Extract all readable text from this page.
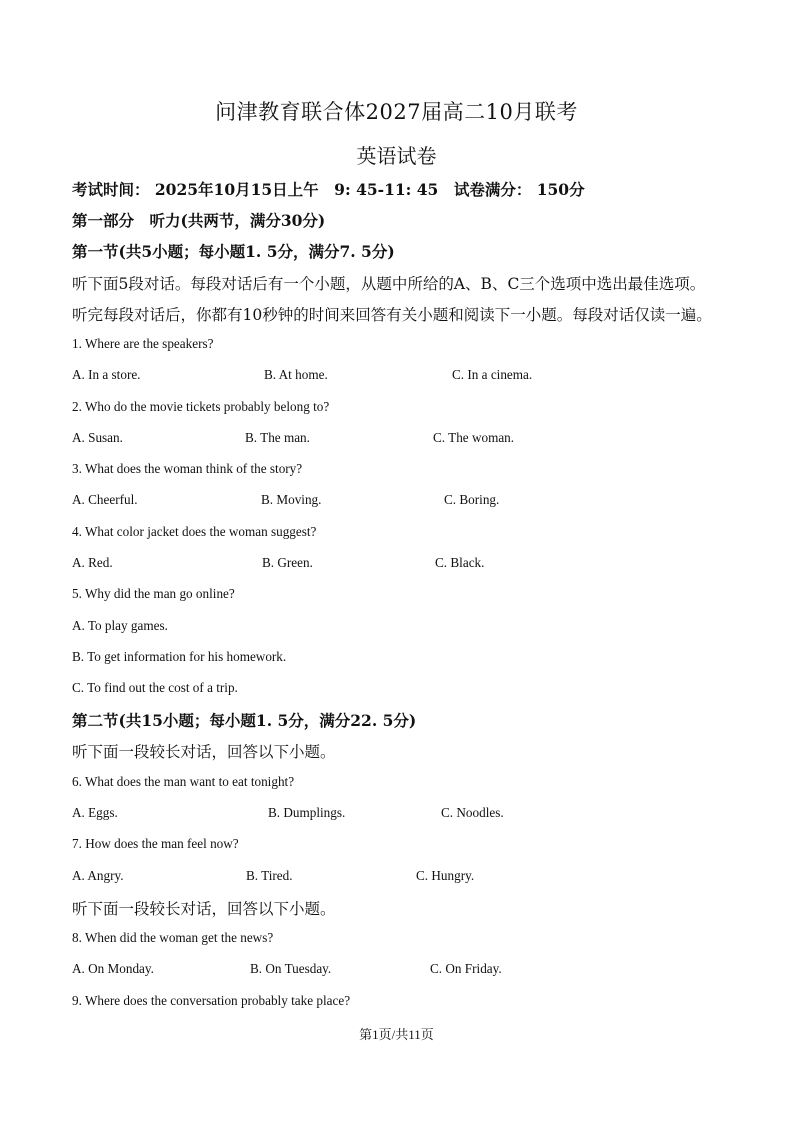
问津教育联合体2027届高二10月联考
英语试卷
考试时间： 2025年10月15日上午　9: 45-11: 45　试卷满分： 150分
第一部分　听力(共两节，满分30分)
第一节(共5小题；每小题1. 5分，满分7. 5分)
听下面5段对话。每段对话后有一个小题，从题中所给的A、B、C三个选项中选出最佳选项。
听完每段对话后，你都有10秒钟的时间来回答有关小题和阅读下一小题。每段对话仅读一遍。
1. Where are the speakers?
A. In a store.	B. At home.	C. In a cinema.
2. Who do the movie tickets probably belong to?
A. Susan.	B. The man.	C. The woman.
3. What does the woman think of the story?
A. Cheerful.	B. Moving.	C. Boring.
4. What color jacket does the woman suggest?
A. Red.	B. Green.	C. Black.
5. Why did the man go online?
A. To play games.
B. To get information for his homework.
C. To find out the cost of a trip.
第二节(共15小题；每小题1. 5分，满分22. 5分)
听下面一段较长对话，回答以下小题。
6. What does the man want to eat tonight?
A. Eggs.	B. Dumplings.	C. Noodles.
7. How does the man feel now?
A. Angry.	B. Tired.	C. Hungry.
听下面一段较长对话，回答以下小题。
8. When did the woman get the news?
A. On Monday.	B. On Tuesday.	C. On Friday.
9. Where does the conversation probably take place?
第1页/共11页
